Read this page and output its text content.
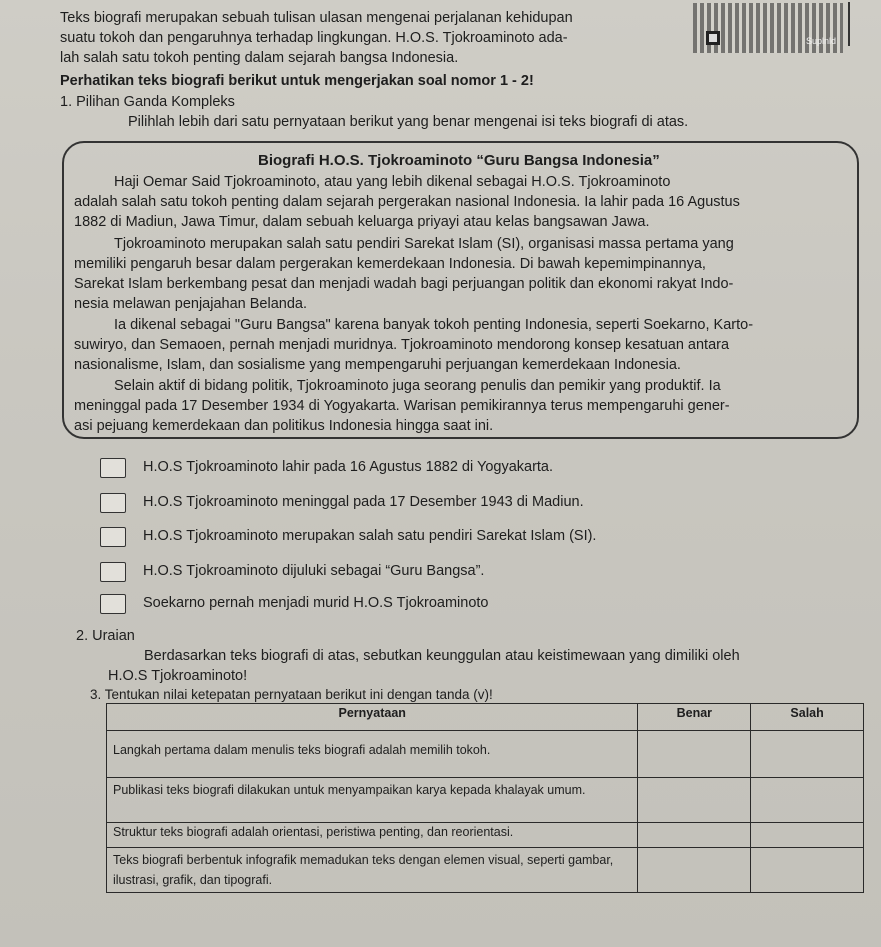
Teks biografi merupakan sebuah tulisan ulasan mengenai perjalanan kehidupan
suatu tokoh dan pengaruhnya terhadap lingkungan. H.O.S. Tjokroaminoto ada-
lah salah satu tokoh penting dalam sejarah bangsa Indonesia.
Suplnld
Perhatikan teks biografi berikut untuk mengerjakan soal nomor 1 - 2!
1. Pilihan Ganda Kompleks
Pilihlah lebih dari satu pernyataan berikut yang benar mengenai isi teks biografi di atas.
Biografi H.O.S. Tjokroaminoto “Guru Bangsa Indonesia”
Haji Oemar Said Tjokroaminoto, atau yang lebih dikenal sebagai H.O.S. Tjokroaminoto
adalah salah satu tokoh penting dalam sejarah pergerakan nasional Indonesia. Ia lahir pada 16 Agustus
1882 di Madiun, Jawa Timur, dalam sebuah keluarga priyayi atau kelas bangsawan Jawa.
Tjokroaminoto merupakan salah satu pendiri Sarekat Islam (SI), organisasi massa pertama yang
memiliki pengaruh besar dalam pergerakan kemerdekaan Indonesia. Di bawah kepemimpinannya,
Sarekat Islam berkembang pesat dan menjadi wadah bagi perjuangan politik dan ekonomi rakyat Indo-
nesia melawan penjajahan Belanda.
Ia dikenal sebagai "Guru Bangsa" karena banyak tokoh penting Indonesia, seperti Soekarno, Karto-
suwiryo, dan Semaoen, pernah menjadi muridnya. Tjokroaminoto mendorong konsep kesatuan antara
nasionalisme, Islam, dan sosialisme yang mempengaruhi perjuangan kemerdekaan Indonesia.
Selain aktif di bidang politik, Tjokroaminoto juga seorang penulis dan pemikir yang produktif. Ia
meninggal pada 17 Desember 1934 di Yogyakarta. Warisan pemikirannya terus mempengaruhi gener-
asi pejuang kemerdekaan dan politikus Indonesia hingga saat ini.
H.O.S Tjokroaminoto lahir pada 16 Agustus 1882 di Yogyakarta.
H.O.S Tjokroaminoto meninggal pada 17 Desember 1943 di Madiun.
H.O.S Tjokroaminoto merupakan salah satu pendiri Sarekat Islam (SI).
H.O.S Tjokroaminoto dijuluki sebagai “Guru Bangsa”.
Soekarno pernah menjadi murid H.O.S Tjokroaminoto
2. Uraian
Berdasarkan teks biografi di atas, sebutkan keunggulan atau keistimewaan yang dimiliki oleh
H.O.S Tjokroaminoto!
3. Tentukan nilai ketepatan pernyataan berikut ini dengan tanda (v)!
Pernyataan	Benar	Salah
Langkah pertama dalam menulis teks biografi adalah memilih tokoh.		
Publikasi teks biografi dilakukan untuk menyampaikan karya kepada khalayak umum.		
Struktur teks biografi adalah orientasi, peristiwa penting, dan reorientasi.		
Teks biografi berbentuk infografik memadukan teks dengan elemen visual, seperti gambar, ilustrasi, grafik, dan tipografi.		
